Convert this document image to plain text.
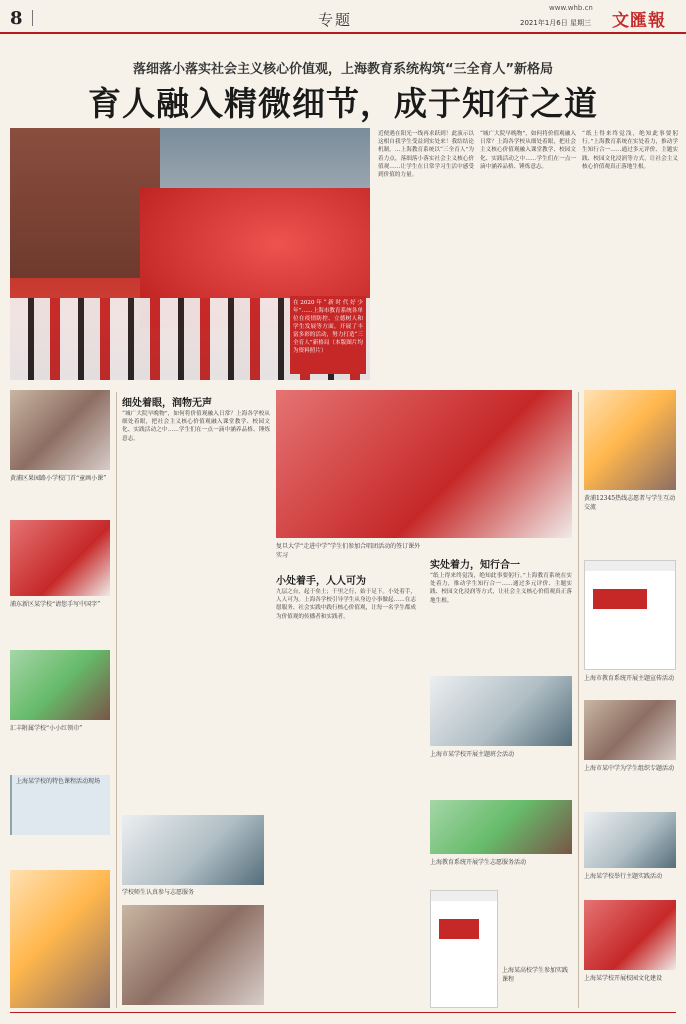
8	专题
www.whb.cn
2021年1月6日 星期三 文匯報
落细落小落实社会主义核心价值观，上海教育系统构筑“三全育人”新格局
育人融入精微细节，成于知行之道
在2020年“新时代好少年”……上海市教育系统各单位在疫情防控、立德树人和学生发展等方面，开展了丰富多彩的活动，努力打造“三全育人”新格局（本版图片均为资料照片）
近便遇在阳光一线再求跃到！此演示以这相自我学生受益到实处来！我结结论机制。…上海教育系统以“三全育人”为着力点，落细落小落实社会主义核心价值观……让学生在日常学习生活中感受到价值的力量。
“城广大院早晚物”，如何将价值观融入日常？上海各学校从细处着眼，把社会主义核心价值观融入课堂教学、校园文化、实践活动之中……学生们在一点一滴中涵养品格、锤炼意志。
“纸上得来终觉浅，绝知此事要躬行。”上海教育系统在实处着力，推动学生知行合一……通过多元评价、主题实践、校园文化浸润等方式，让社会主义核心价值观真正落地生根。
黄浦区果园路小学校门首“童画小课”
浦东新区某学校“请您手写中国字”
汇丰附属学校“小小红领巾”
上海某学校的特色课程活动现场
细处着眼，润物无声
“城广大院早晚物”，如何将价值观融入日常？上海各学校从细处着眼，把社会主义核心价值观融入课堂教学、校园文化、实践活动之中……学生们在一点一滴中涵养品格、锤炼意志。
学校师生认真参与志愿服务
复旦大学“走进中学”学生们参加合唱团活动的签订课外实习
小处着手，人人可为
九层之台，起于垒土；千里之行，始于足下。小处着手，人人可为。上海各学校引导学生从身边小事做起……在志愿服务、社会实践中践行核心价值观，让每一名学生都成为价值观的传播者和实践者。
实处着力，知行合一
“纸上得来终觉浅，绝知此事要躬行。”上海教育系统在实处着力，推动学生知行合一……通过多元评价、主题实践、校园文化浸润等方式，让社会主义核心价值观真正落地生根。
上海市某学校开展主题班会活动
上海教育系统开展学生志愿服务活动
上海某高校学生参加实践课程
黄浦12345热线志愿者与学生互动交流
上海市教育系统开展主题宣传活动
上海市某中学为学生组织专题活动
上海某学校举行主题实践活动
上海某学校开展校园文化建设
